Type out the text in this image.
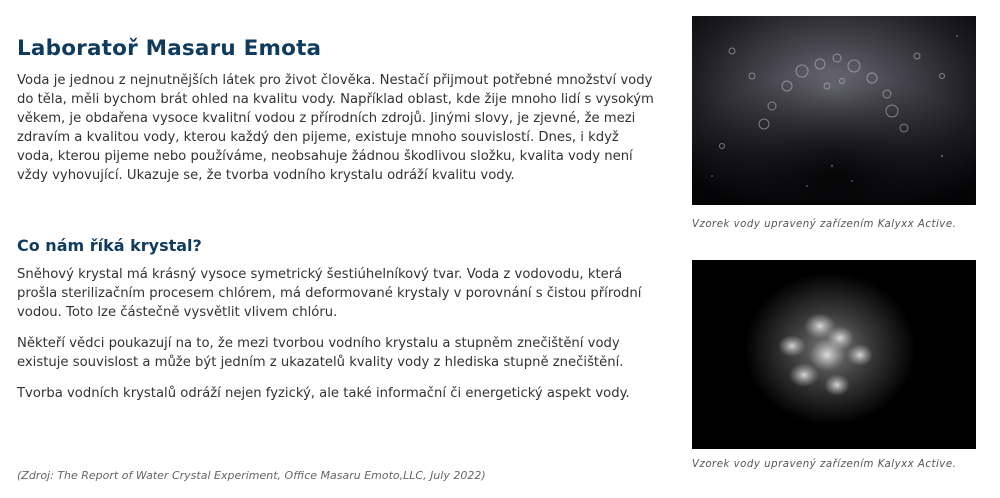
Laboratoř Masaru Emota

Voda je jednou z nejnutnějších látek pro život člověka. Nestačí přijmout potřebné množství vody do těla, měli bychom brát ohled na kvalitu vody. Například oblast, kde žije mnoho lidí s vysokým věkem, je obdařena vysoce kvalitní vodou z přírodních zdrojů. Jinými slovy, je zjevné, že mezi zdravím a kvalitou vody, kterou každý den pijeme, existuje mnoho souvislostí. Dnes, i když voda, kterou pijeme nebo používáme, neobsahuje žádnou škodlivou složku, kvalita vody není vždy vyhovující. Ukazuje se, že tvorba vodního krystalu odráží kvalitu vody.

Co nám říká krystal?

Sněhový krystal má krásný vysoce symetrický šestiúhelníkový tvar. Voda z vodovodu, která prošla sterilizačním procesem chlórem, má deformované krystaly v porovnání s čistou přírodní vodou. Toto lze částečně vysvětlit vlivem chlóru.

Někteří vědci poukazují na to, že mezi tvorbou vodního krystalu a stupněm znečištění vody existuje souvislost a může být jedním z ukazatelů kvality vody z hlediska stupně znečištění.

Tvorba vodních krystalů odráží nejen fyzický, ale také informační či energetický aspekt vody.

(Zdroj: The Report of Water Crystal Experiment, Office Masaru Emoto,LLC, July 2022)
Vzorek vody upravený zařízením Kalyxx Active.
Vzorek vody upravený zařízením Kalyxx Active.
